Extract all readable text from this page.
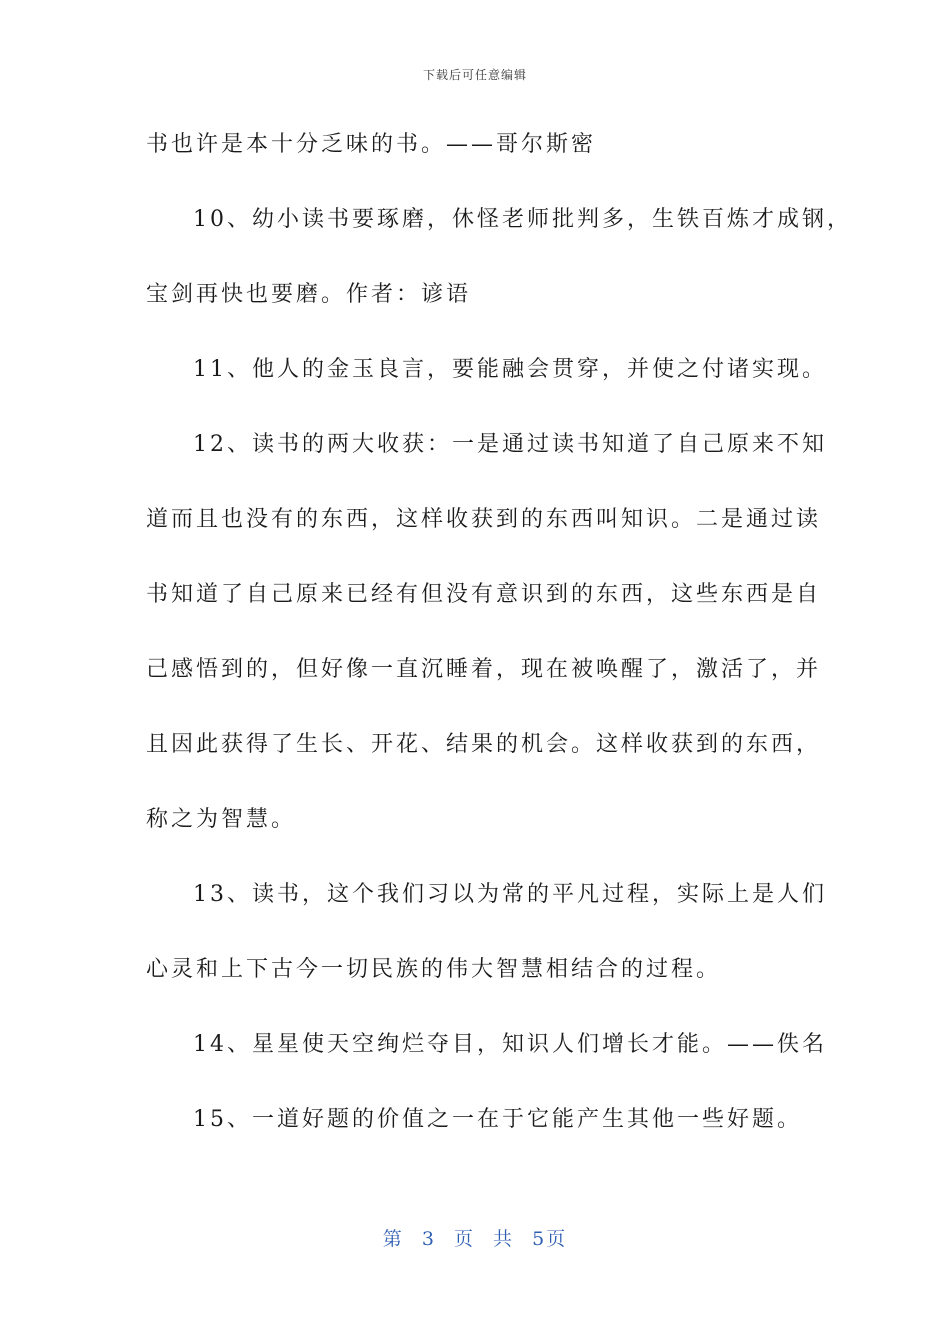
下载后可任意编辑
书也许是本十分乏味的书。——哥尔斯密
10、幼小读书要琢磨，休怪老师批判多，生铁百炼才成钢，
宝剑再快也要磨。作者：谚语
11、他人的金玉良言，要能融会贯穿，并使之付诸实现。
12、读书的两大收获：一是通过读书知道了自己原来不知
道而且也没有的东西，这样收获到的东西叫知识。二是通过读
书知道了自己原来已经有但没有意识到的东西，这些东西是自
己感悟到的，但好像一直沉睡着，现在被唤醒了，激活了，并
且因此获得了生长、开花、结果的机会。这样收获到的东西，
称之为智慧。
13、读书，这个我们习以为常的平凡过程，实际上是人们
心灵和上下古今一切民族的伟大智慧相结合的过程。
14、星星使天空绚烂夺目，知识人们增长才能。——佚名
15、一道好题的价值之一在于它能产生其他一些好题。
第 3 页 共 5页
